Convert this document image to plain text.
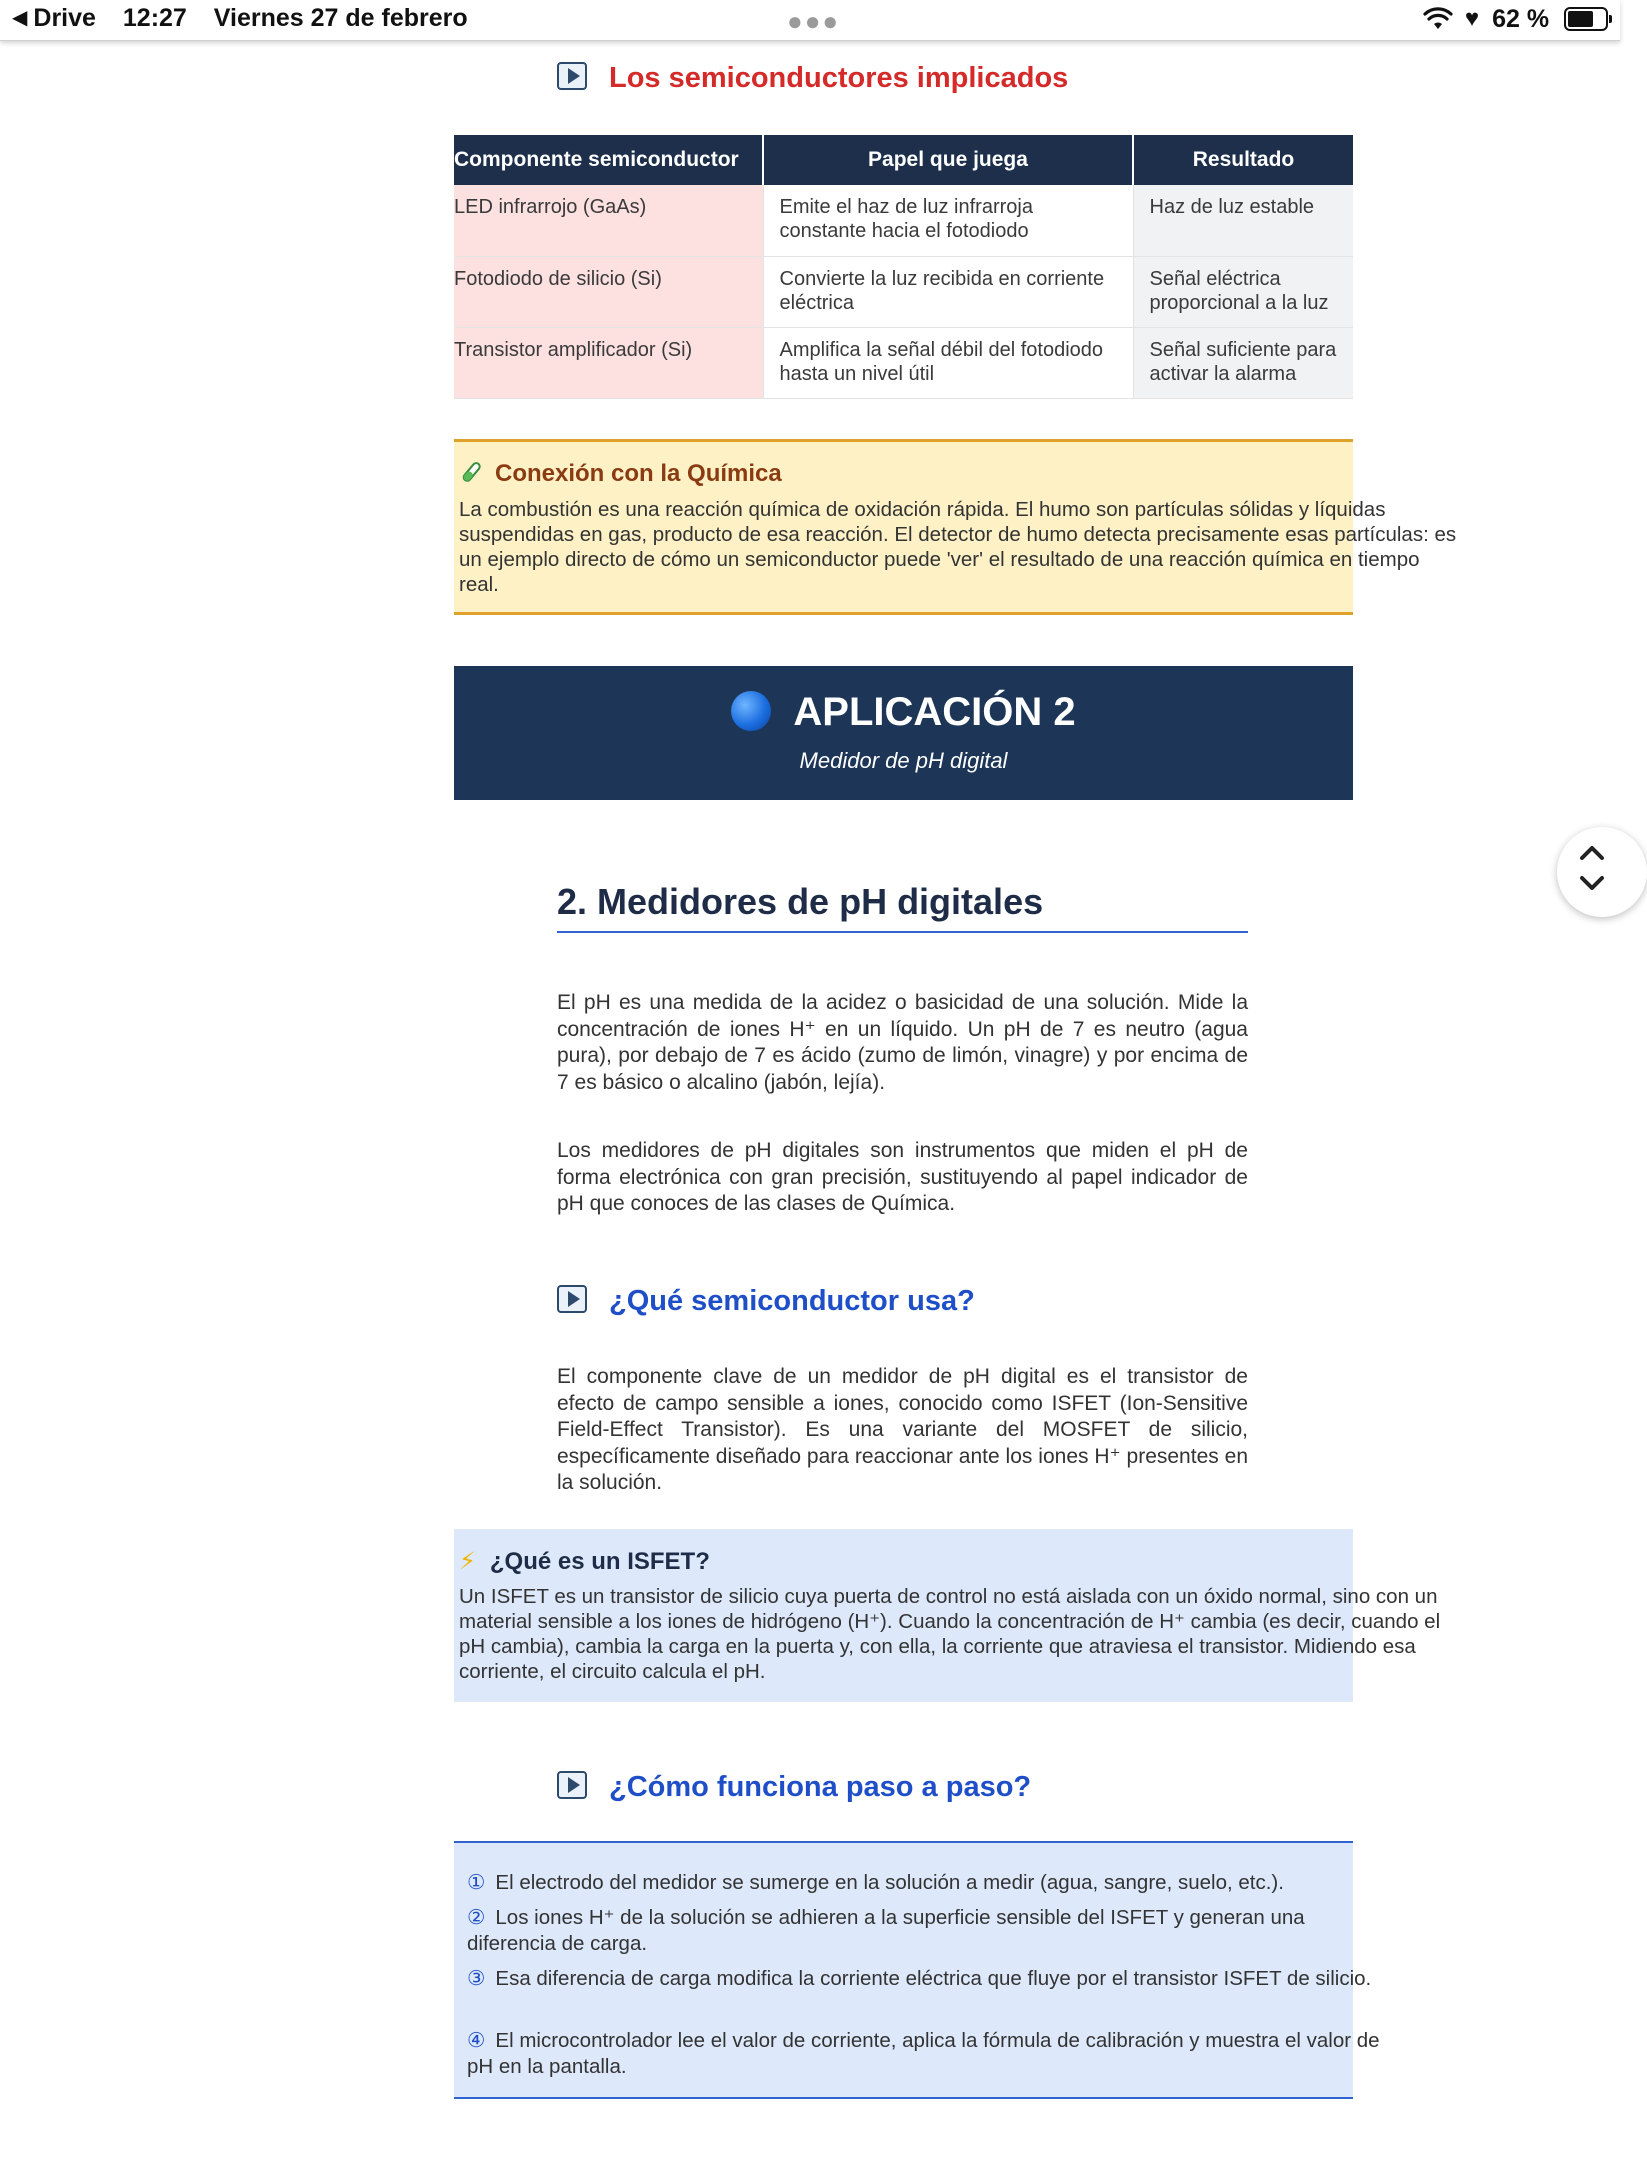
◀ Drive 12:27 Viernes 27 de febrero	●●●	♥ 62 %
Los semiconductores implicados
Componente semiconductor	Papel que juega	Resultado
LED infrarrojo (GaAs)	Emite el haz de luz infrarroja constante hacia el fotodiodo	Haz de luz estable
Fotodiodo de silicio (Si)	Convierte la luz recibida en corriente eléctrica	Señal eléctrica proporcional a la luz
Transistor amplificador (Si)	Amplifica la señal débil del fotodiodo hasta un nivel útil	Señal suficiente para activar la alarma
Conexión con la Química
La combustión es una reacción química de oxidación rápida. El humo son partículas sólidas y líquidas suspendidas en gas, producto de esa reacción. El detector de humo detecta precisamente esas partículas: es un ejemplo directo de cómo un semiconductor puede 'ver' el resultado de una reacción química en tiempo real.
APLICACIÓN 2
Medidor de pH digital
2. Medidores de pH digitales
El pH es una medida de la acidez o basicidad de una solución. Mide la concentración de iones H⁺ en un líquido. Un pH de 7 es neutro (agua pura), por debajo de 7 es ácido (zumo de limón, vinagre) y por encima de 7 es básico o alcalino (jabón, lejía).
Los medidores de pH digitales son instrumentos que miden el pH de forma electrónica con gran precisión, sustituyendo al papel indicador de pH que conoces de las clases de Química.
¿Qué semiconductor usa?
El componente clave de un medidor de pH digital es el transistor de efecto de campo sensible a iones, conocido como ISFET (Ion-Sensitive Field-Effect Transistor). Es una variante del MOSFET de silicio, específicamente diseñado para reaccionar ante los iones H⁺ presentes en la solución.
⚡ ¿Qué es un ISFET?
Un ISFET es un transistor de silicio cuya puerta de control no está aislada con un óxido normal, sino con un material sensible a los iones de hidrógeno (H⁺). Cuando la concentración de H⁺ cambia (es decir, cuando el pH cambia), cambia la carga en la puerta y, con ella, la corriente que atraviesa el transistor. Midiendo esa corriente, el circuito calcula el pH.
¿Cómo funciona paso a paso?
① El electrodo del medidor se sumerge en la solución a medir (agua, sangre, suelo, etc.).
② Los iones H⁺ de la solución se adhieren a la superficie sensible del ISFET y generan una diferencia de carga.
③ Esa diferencia de carga modifica la corriente eléctrica que fluye por el transistor ISFET de silicio.
④ El microcontrolador lee el valor de corriente, aplica la fórmula de calibración y muestra el valor de pH en la pantalla.
